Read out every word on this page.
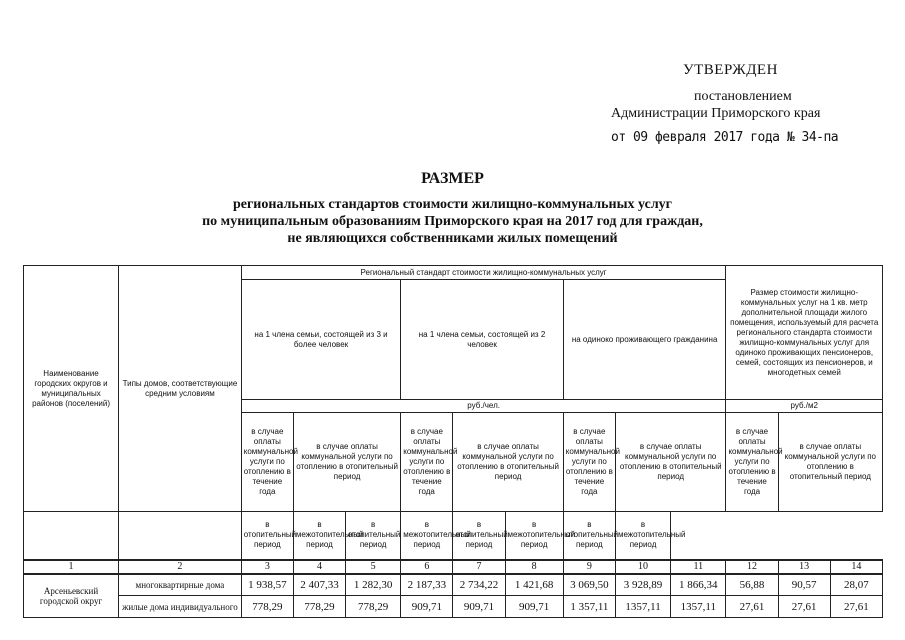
УТВЕРЖДЕН
постановлением
Администрации Приморского края
от 09 февраля 2017 года № 34-па
РАЗМЕР
региональных стандартов стоимости жилищно-коммунальных услуг
по муниципальным образованиям Приморского края на 2017 год для граждан,
не являющихся собственниками жилых помещений
Наименование городских округов и муниципальных районов (поселений)	Типы домов, соответствующие средним условиям	Региональный стандарт стоимости жилищно-коммунальных услуг									Размер стоимости жилищно-коммунальных услуг на 1 кв. метр дополнительной площади жилого помещения, используемый для расчета регионального стандарта стоимости жилищно-коммунальных услуг для одиноко проживающих пенсионеров, семей, состоящих из пенсионеров, и многодетных семей		
		на 1 члена семьи, состоящей из 3 и более человек			на 1 члена семьи, состоящей из 2 человек			на одиноко проживающего гражданина					
		руб./чел.									руб./м2		
		в случае оплаты коммунальной услуги по отоплению в течение года	в случае оплаты коммунальной услуги по отоплению в отопительный период		в случае оплаты коммунальной услуги по отоплению в течение года	в случае оплаты коммунальной услуги по отоплению в отопительный период		в случае оплаты коммунальной услуги по отоплению в течение года	в случае оплаты коммунальной услуги по отоплению в отопительный период		в случае оплаты коммунальной услуги по отоплению в течение года	в случае оплаты коммунальной услуги по отоплению в отопительный период	

		в отопительный период	в межотопительный период	в отопительный период	в межотопительный период	в отопительный период	в межотопительный период	в отопительный период	в межотопительный период				
1	2	3	4	5	6	7	8	9	10	11	12	13	14
Арсеньевский городской округ	многоквартирные дома	1 938,57	2 407,33	1 282,30	2 187,33	2 734,22	1 421,68	3 069,50	3 928,89	1 866,34	56,88	90,57	28,07
	жилые дома индивидуального	778,29	778,29	778,29	909,71	909,71	909,71	1 357,11	1357,11	1357,11	27,61	27,61	27,61
